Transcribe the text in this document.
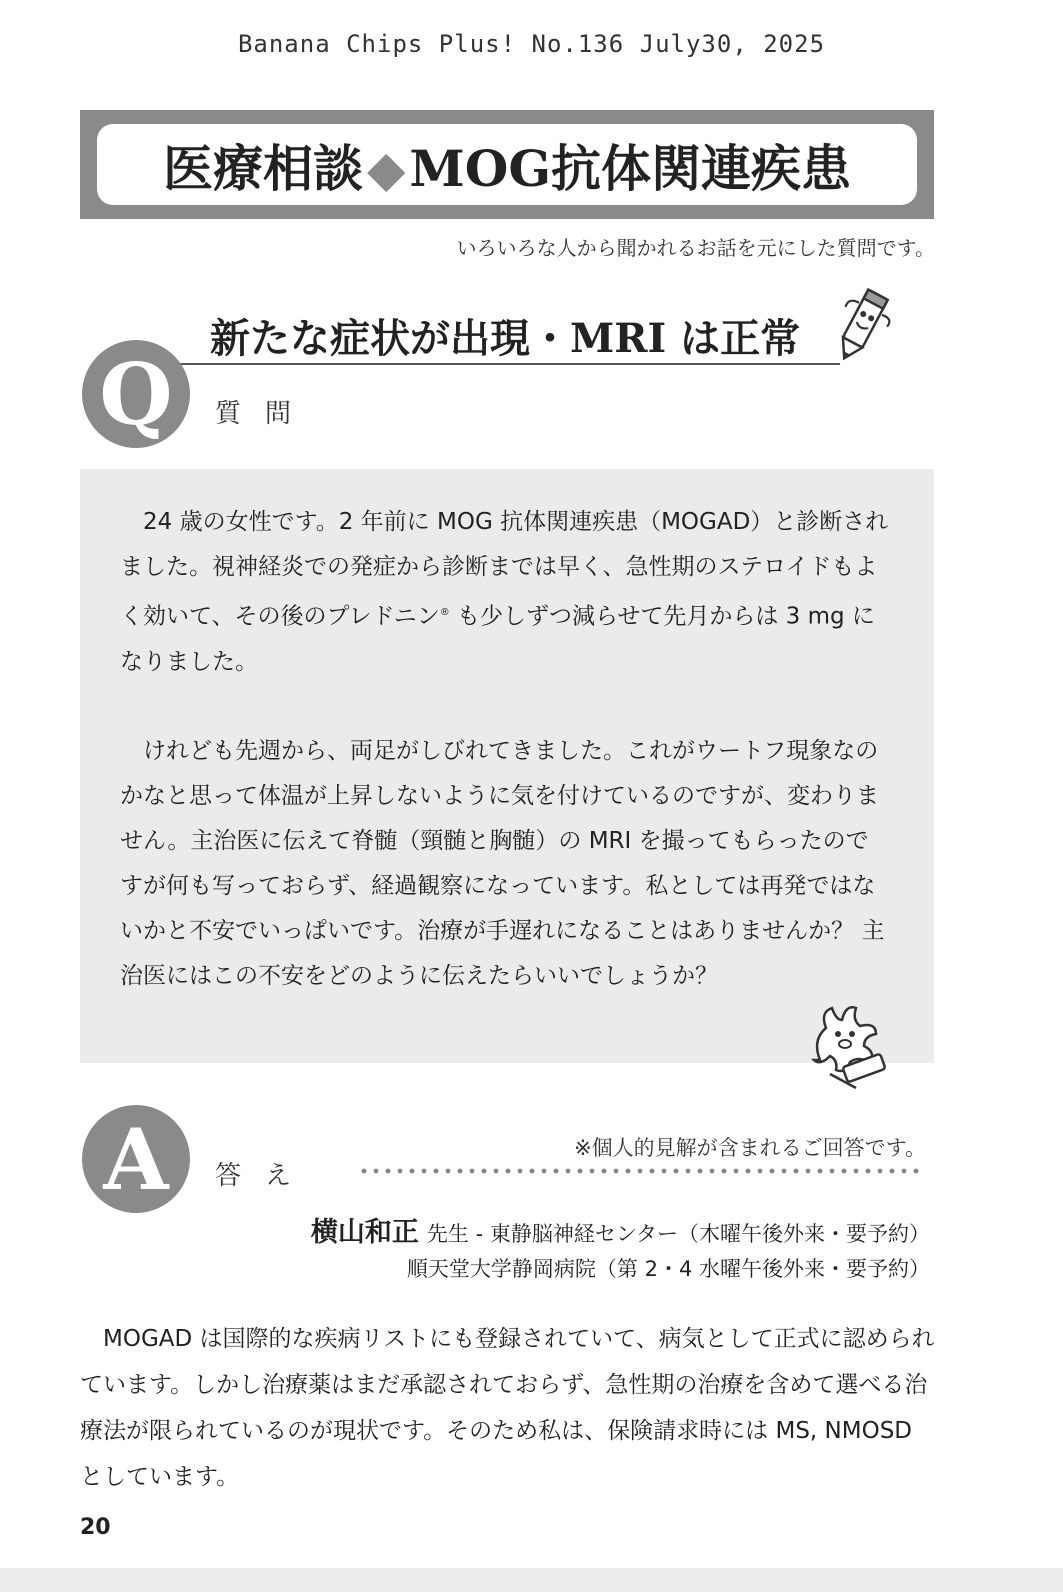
Banana Chips Plus! No.136 July30, 2025
医療相談◆MOG抗体関連疾患
いろいろな人から聞かれるお話を元にした質問です。
新たな症状が出現・MRI は正常
Q	質問

24 歳の女性です。2 年前に MOG 抗体関連疾患（MOGAD）と診断されました。視神経炎での発症から診断までは早く、急性期のステロイドもよく効いて、その後のプレドニン® も少しずつ減らせて先月からは 3 mg になりました。

けれども先週から、両足がしびれてきました。これがウートフ現象なのかなと思って体温が上昇しないように気を付けているのですが、変わりません。主治医に伝えて脊髄（頸髄と胸髄）の MRI を撮ってもらったのですが何も写っておらず、経過観察になっています。私としては再発ではないかと不安でいっぱいです。治療が手遅れになることはありませんか？ 主治医にはこの不安をどのように伝えたらいいでしょうか？

A	答え
※個人的見解が含まれるご回答です。
横山和正 先生 - 東静脳神経センター（木曜午後外来・要予約）
順天堂大学静岡病院（第 2・4 水曜午後外来・要予約）

MOGAD は国際的な疾病リストにも登録されていて、病気として正式に認められています。しかし治療薬はまだ承認されておらず、急性期の治療を含めて選べる治療法が限られているのが現状です。そのため私は、保険請求時には MS, NMOSD としています。

20
